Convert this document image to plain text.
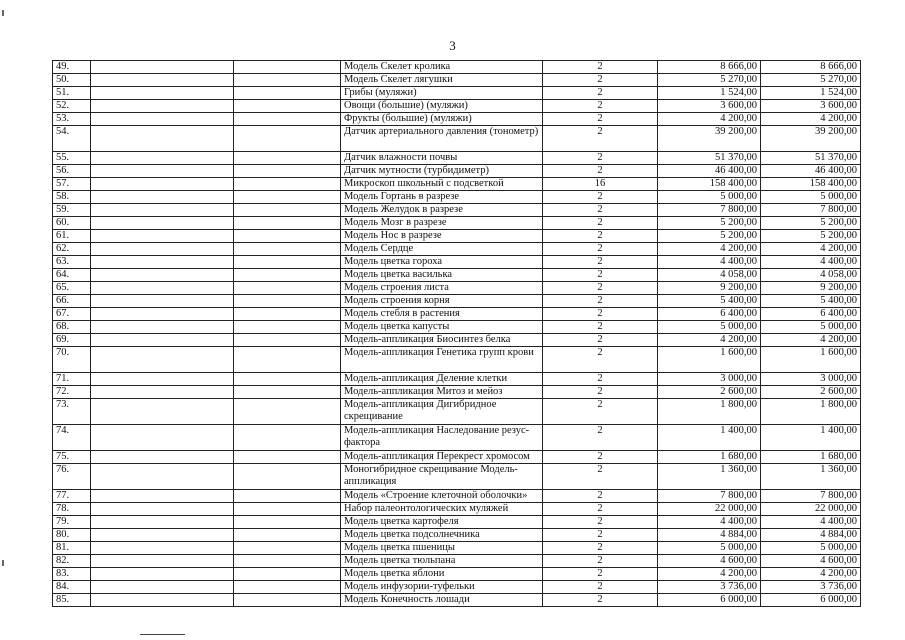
3
49.			Модель Скелет кролика	2	8 666,00	8 666,00
50.			Модель Скелет лягушки	2	5 270,00	5 270,00
51.			Грибы (муляжи)	2	1 524,00	1 524,00
52.			Овощи (большие) (муляжи)	2	3 600,00	3 600,00
53.			Фрукты (большие) (муляжи)	2	4 200,00	4 200,00
54.			Датчик артериального давления (тонометр)	2	39 200,00	39 200,00
55.			Датчик влажности почвы	2	51 370,00	51 370,00
56.			Датчик мутности (турбидиметр)	2	46 400,00	46 400,00
57.			Микроскоп школьный с подсветкой	16	158 400,00	158 400,00
58.			Модель Гортань в разрезе	2	5 000,00	5 000,00
59.			Модель Желудок в разрезе	2	7 800,00	7 800,00
60.			Модель Мозг в разрезе	2	5 200,00	5 200,00
61.			Модель Нос в разрезе	2	5 200,00	5 200,00
62.			Модель Сердце	2	4 200,00	4 200,00
63.			Модель цветка гороха	2	4 400,00	4 400,00
64.			Модель цветка василька	2	4 058,00	4 058,00
65.			Модель строения листа	2	9 200,00	9 200,00
66.			Модель строения корня	2	5 400,00	5 400,00
67.			Модель стебля в растения	2	6 400,00	6 400,00
68.			Модель цветка капусты	2	5 000,00	5 000,00
69.			Модель-аппликация Биосинтез белка	2	4 200,00	4 200,00
70.			Модель-аппликация Генетика групп крови	2	1 600,00	1 600,00
71.			Модель-аппликация Деление клетки	2	3 000,00	3 000,00
72.			Модель-аппликация Митоз и мейоз	2	2 600,00	2 600,00
73.			Модель-аппликация Дигибридное скрещивание	2	1 800,00	1 800,00
74.			Модель-аппликация Наследование резус-фактора	2	1 400,00	1 400,00
75.			Модель-аппликация Перекрест хромосом	2	1 680,00	1 680,00
76.			Моногибридное скрещивание Модель-аппликация	2	1 360,00	1 360,00
77.			Модель «Строение клеточной оболочки»	2	7 800,00	7 800,00
78.			Набор палеонтологических муляжей	2	22 000,00	22 000,00
79.			Модель цветка картофеля	2	4 400,00	4 400,00
80.			Модель цветка подсолнечника	2	4 884,00	4 884,00
81.			Модель цветка пшеницы	2	5 000,00	5 000,00
82.			Модель цветка тюльпана	2	4 600,00	4 600,00
83.			Модель цветка яблони	2	4 200,00	4 200,00
84.			Модель инфузории-туфельки	2	3 736,00	3 736,00
85.			Модель Конечность лошади	2	6 000,00	6 000,00
